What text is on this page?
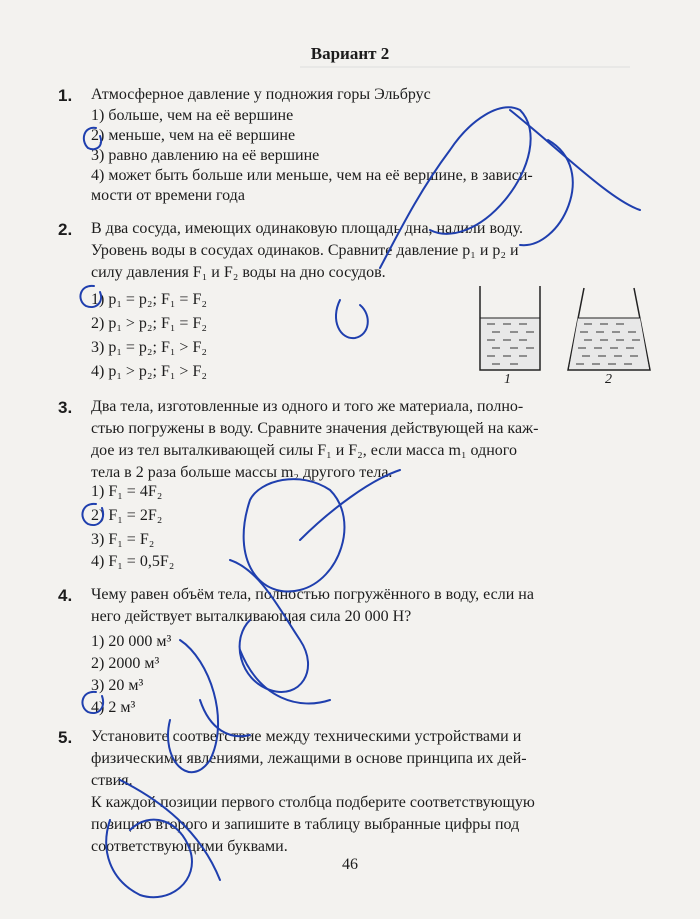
Вариант 2
1. Атмосферное давление у подножия горы Эльбрус
1) больше, чем на её вершине
2) меньше, чем на её вершине
3) равно давлению на её вершине
4) может быть больше или меньше, чем на её вершине, в зависи-
мости от времени года
2. В два сосуда, имеющих одинаковую площадь дна, налили воду.
Уровень воды в сосудах одинаков. Сравните давление p₁ и p₂ и
силу давления F₁ и F₂ воды на дно сосудов.
1) p₁ = p₂; F₁ = F₂
2) p₁ > p₂; F₁ = F₂
3) p₁ = p₂; F₁ > F₂
4) p₁ > p₂; F₁ > F₂	1	2
3. Два тела, изготовленные из одного и того же материала, полно-
стью погружены в воду. Сравните значения действующей на каж-
дое из тел выталкивающей силы F₁ и F₂, если масса m₁ одного
тела в 2 раза больше массы m₂ другого тела.
1) F₁ = 4F₂
2) F₁ = 2F₂
3) F₁ = F₂
4) F₁ = 0,5F₂
4. Чему равен объём тела, полностью погружённого в воду, если на
него действует выталкивающая сила 20 000 Н?
1) 20 000 м³
2) 2000 м³
3) 20 м³
4) 2 м³
5. Установите соответствие между техническими устройствами и
физическими явлениями, лежащими в основе принципа их дей-
ствия.
К каждой позиции первого столбца подберите соответствующую
позицию второго и запишите в таблицу выбранные цифры под
соответствующими буквами.
46
